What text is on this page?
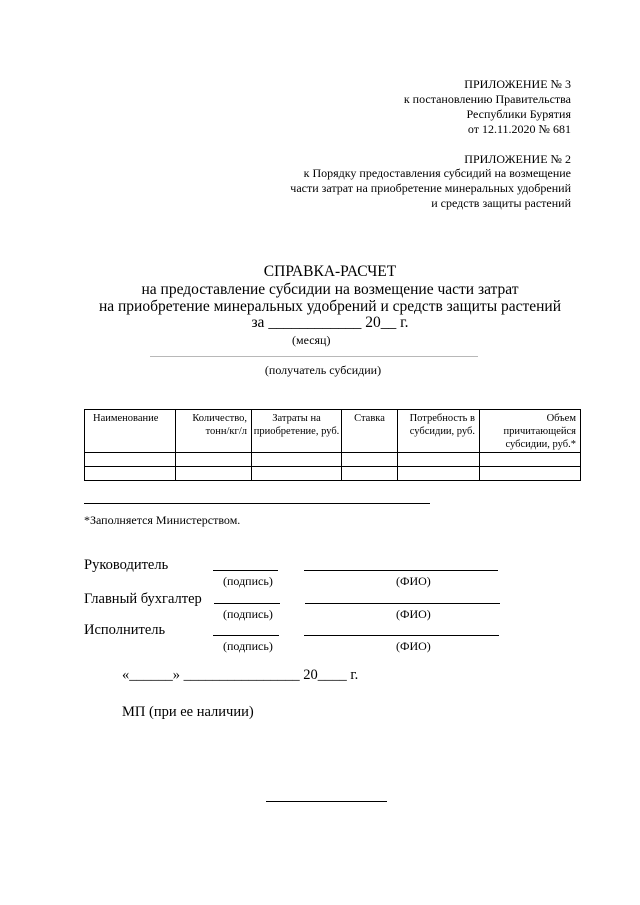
ПРИЛОЖЕНИЕ № 3
к постановлению Правительства
Республики Бурятия
от 12.11.2020 № 681
ПРИЛОЖЕНИЕ № 2
к Порядку предоставления субсидий на возмещение
части затрат на приобретение минеральных удобрений
и средств защиты растений
СПРАВКА-РАСЧЕТ
на предоставление субсидии на возмещение части затрат
на приобретение минеральных удобрений и средств защиты растений
за ____________ 20__ г.
(месяц)
(получатель субсидии)
Наименование	Количество, тонн/кг/л	Затраты на приобретение, руб.	Ставка	Потребность в субсидии, руб.	Объем причитающейся субсидии, руб.*

*Заполняется Министерством.
Руководитель
(подпись)	(ФИО)
Главный бухгалтер
(подпись)	(ФИО)
Исполнитель
(подпись)	(ФИО)
«______» ________________ 20____ г.
МП (при ее наличии)
